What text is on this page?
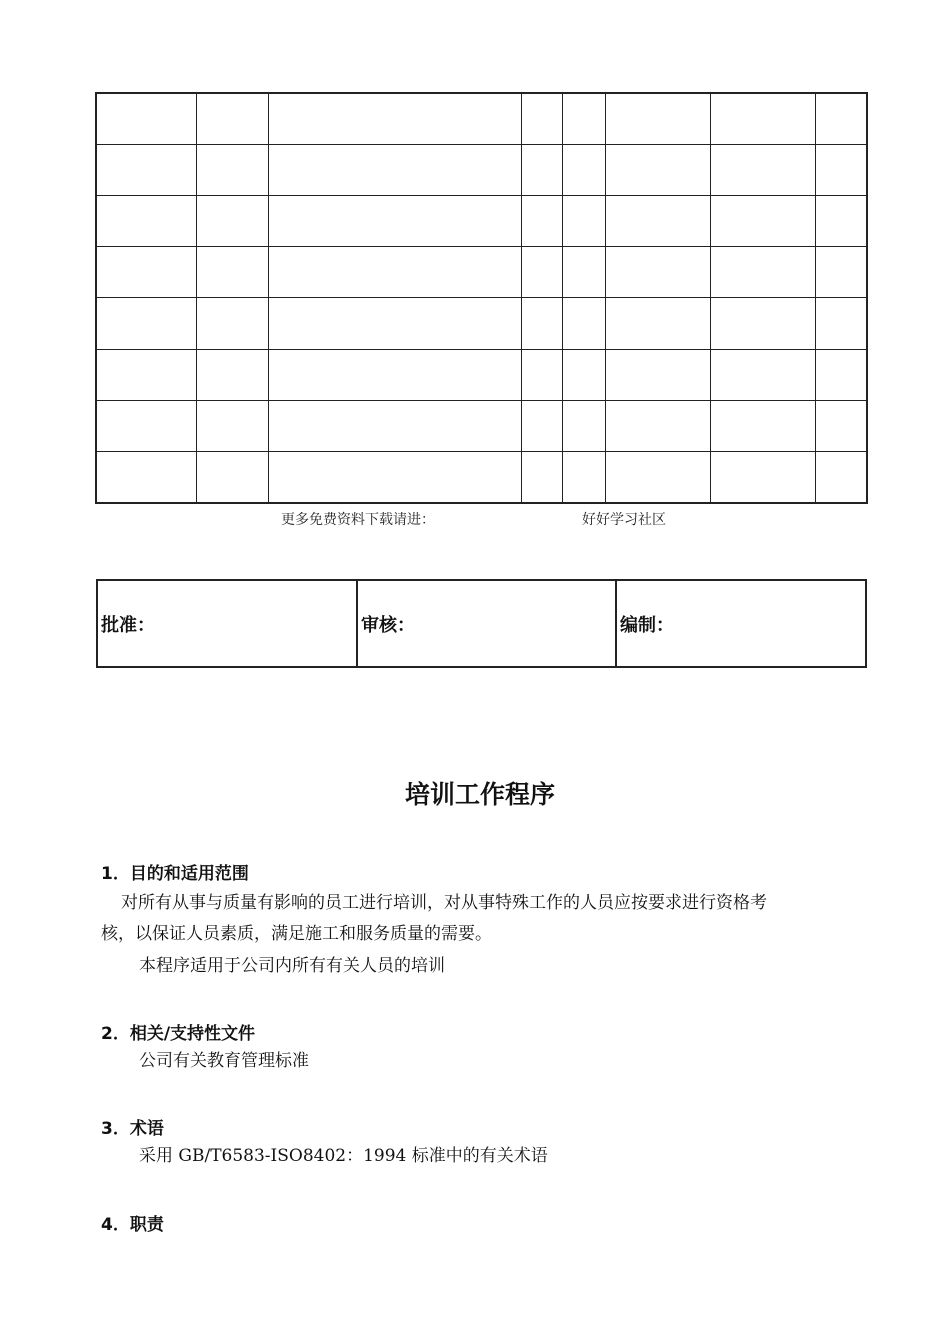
更多免费资料下载请进：	好好学习社区
批准：	审核：	编制：
培训工作程序
1．目的和适用范围
对所有从事与质量有影响的员工进行培训，对从事特殊工作的人员应按要求进行资格考
核，以保证人员素质，满足施工和服务质量的需要。
本程序适用于公司内所有有关人员的培训
2．相关/支持性文件
公司有关教育管理标准
3．术语
采用 GB/T6583-ISO8402：1994 标准中的有关术语
4．职责
